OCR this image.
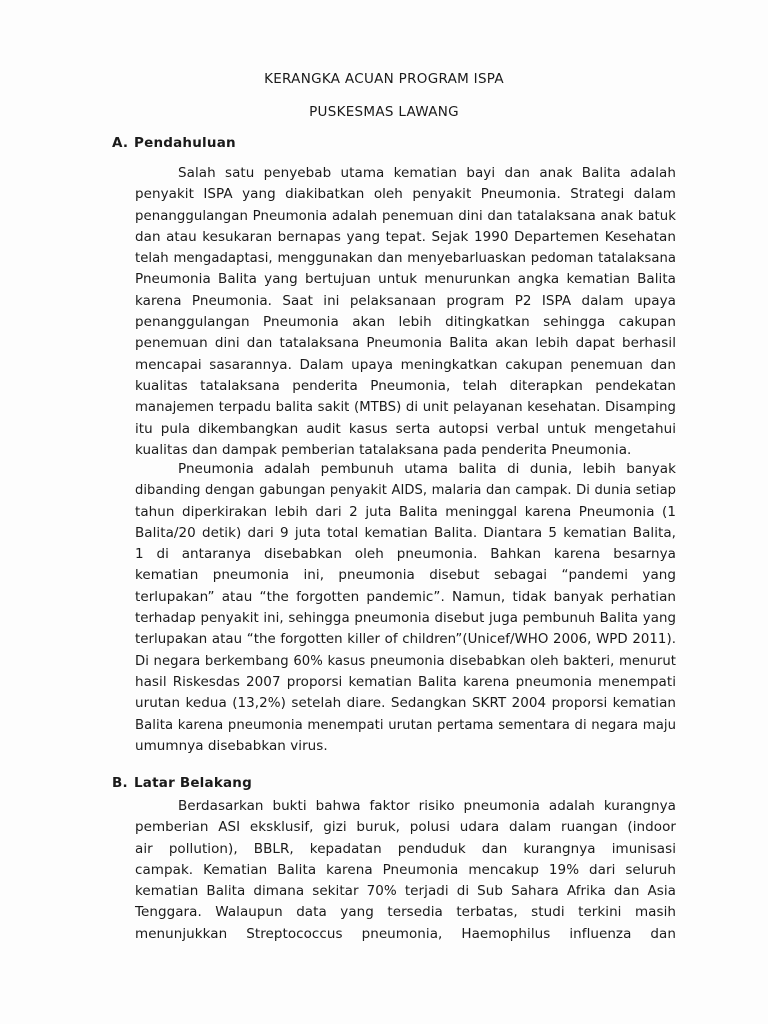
KERANGKA ACUAN PROGRAM ISPA
PUSKESMAS LAWANG
A. Pendahuluan
Salah satu penyebab utama kematian bayi dan anak Balita adalah
penyakit ISPA yang diakibatkan oleh penyakit Pneumonia. Strategi dalam
penanggulangan Pneumonia adalah penemuan dini dan tatalaksana anak batuk
dan atau kesukaran bernapas yang tepat. Sejak 1990 Departemen Kesehatan
telah mengadaptasi, menggunakan dan menyebarluaskan pedoman tatalaksana
Pneumonia Balita yang bertujuan untuk menurunkan angka kematian Balita
karena Pneumonia. Saat ini pelaksanaan program P2 ISPA dalam upaya
penanggulangan Pneumonia akan lebih ditingkatkan sehingga cakupan
penemuan dini dan tatalaksana Pneumonia Balita akan lebih dapat berhasil
mencapai sasarannya. Dalam upaya meningkatkan cakupan penemuan dan
kualitas tatalaksana penderita Pneumonia, telah diterapkan pendekatan
manajemen terpadu balita sakit (MTBS) di unit pelayanan kesehatan. Disamping
itu pula dikembangkan audit kasus serta autopsi verbal untuk mengetahui
kualitas dan dampak pemberian tatalaksana pada penderita Pneumonia.
Pneumonia adalah pembunuh utama balita di dunia, lebih banyak
dibanding dengan gabungan penyakit AIDS, malaria dan campak. Di dunia setiap
tahun diperkirakan lebih dari 2 juta Balita meninggal karena Pneumonia (1
Balita/20 detik) dari 9 juta total kematian Balita. Diantara 5 kematian Balita,
1 di antaranya disebabkan oleh pneumonia. Bahkan karena besarnya
kematian pneumonia ini, pneumonia disebut sebagai “pandemi yang
terlupakan” atau “the forgotten pandemic”. Namun, tidak banyak perhatian
terhadap penyakit ini, sehingga pneumonia disebut juga pembunuh Balita yang
terlupakan atau “the forgotten killer of children”(Unicef/WHO 2006, WPD 2011).
Di negara berkembang 60% kasus pneumonia disebabkan oleh bakteri, menurut
hasil Riskesdas 2007 proporsi kematian Balita karena pneumonia menempati
urutan kedua (13,2%) setelah diare. Sedangkan SKRT 2004 proporsi kematian
Balita karena pneumonia menempati urutan pertama sementara di negara maju
umumnya disebabkan virus.
B. Latar Belakang
Berdasarkan bukti bahwa faktor risiko pneumonia adalah kurangnya
pemberian ASI eksklusif, gizi buruk, polusi udara dalam ruangan (indoor
air pollution), BBLR, kepadatan penduduk dan kurangnya imunisasi
campak. Kematian Balita karena Pneumonia mencakup 19% dari seluruh
kematian Balita dimana sekitar 70% terjadi di Sub Sahara Afrika dan Asia
Tenggara. Walaupun data yang tersedia terbatas, studi terkini masih
menunjukkan Streptococcus pneumonia, Haemophilus influenza dan
